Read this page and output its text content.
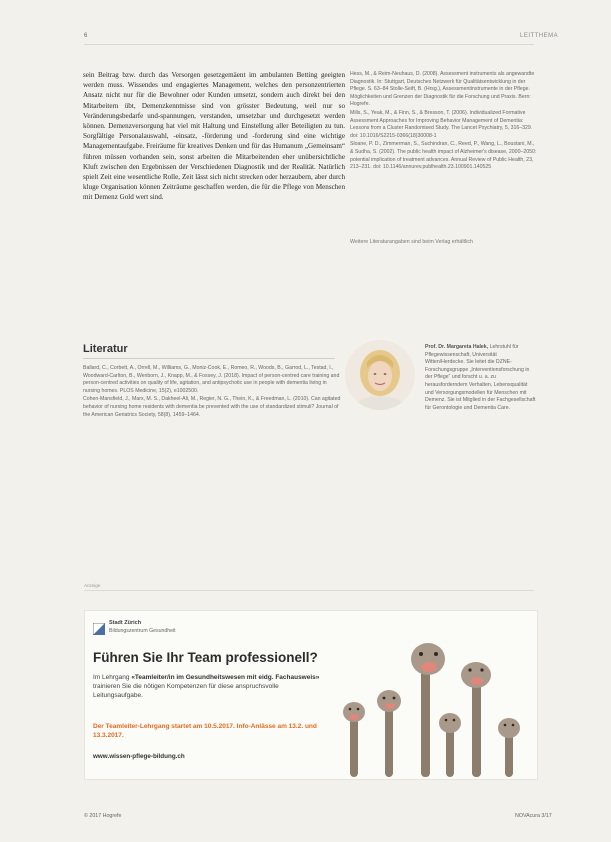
6	LEITTHEMA
sein Beitrag bzw. durch das Versorgen gesetzgemäent im ambulanten Betting geeigten werden muss. Wissendes und engagiertes Management, welches den personzentrierten Ansatz nicht nur für die Bewohner oder Kunden umsetzt, sondern auch direkt bei den Mitarbeitern übt, Demenzkenntnisse sind von grösster Bedeutung, weil nur so Veränderungsbedarfe und-spannungen, verstanden, umsetzbar und durchgesetzt werden können. Demenzversorgung hat viel mit Haltung und Einstellung aller Beteiligten zu tun. Sorgfältige Personalauswahl, -einsatz, -förderung und -forderung sind eine wichtige Managementaufgabe. Freiräume für kreatives Denken und für das Humanum „Gemeinsam“ führen müssen vorhanden sein, sonst arbeiten die Mitarbeitenden eher unübersichtliche Kluft zwischen den Ergebnissen der Verschiedenen Diagnostik und der Realität. Natürlich spielt Zeit eine wesentliche Rolle, Zeit lässt sich nicht strecken oder herzaubern, aber durch kluge Organisation können Zeiträume geschaffen werden, die für die Pflege von Menschen mit Demenz Gold wert sind.

Hess, M., & Reim-Neuhaus, D. (2008). Assessment instruments als angewandte Diagnostik. In: Stuttgart, Deutsches Netzwerk für Qualitätsentwicklung in der Pflege. S. 63–84 Stolle-Seift, B. (Hrsg.), Assessmentinstrumente in der Pflege. Möglichkeiten und Grenzen der Diagnostik für die Forschung und Praxis. Bern: Hogrefe.

Mills, S., Yeak, M., & Finn, S., & Bresson, T. (2006). Individualized Formative Assessment Approaches for Improving Behavior Management of Dementia: Lessons from a Cluster Randomised Study. The Lancet Psychiatry, 5, 316–329. doi: 10.1016/S2215-0366(18)30008-1

Sloane, P. D., Zimmerman, S., Suchindran, C., Reed, P., Wang, L., Boustani, M., & Sudha, S. (2002). The public health impact of Alzheimer's disease, 2000–2050: potential implication of treatment advances. Annual Review of Public Health, 23, 213–231. doi: 10.1146/annurev.publhealth.23.100901.140525

Weitere Literaturangaben sind beim Verlag erhältlich
Literatur

Ballard, C., Corbett, A., Orrell, M., Williams, G., Moniz-Cook, E., Romeo, R., Woods, B., Garrod, L., Testad, I., Woodward-Carlton, B., Wenborn, J., Knapp, M., & Fossey, J. (2018). Impact of person-centred care training and person-centred activities on quality of life, agitation, and antipsychotic use in people with dementia living in nursing homes. PLOS Medicine, 15(2), e1002500.

Cohen-Mansfield, J., Marx, M. S., Dakheel-Ali, M., Regier, N. G., Thein, K., & Freedman, L. (2010). Can agitated behavior of nursing home residents with dementia be prevented with the use of standardized stimuli? Journal of the American Geriatrics Society, 58(8), 1459–1464.

Prof. Dr. Margareta Halek, Lehrstuhl für Pflegewissenschaft, Universität Witten/Herdecke. Sie leitet die DZNE-Forschungsgruppe „Interventionsforschung in der Pflege“ und forscht u. a. zu herausforderndem Verhalten, Lebensqualität und Versorgungsmodellen für Menschen mit Demenz. Sie ist Mitglied in der Fachgesellschaft für Gerontologie und Dementia Care.
Anzeige
Stadt Zürich
Bildungszentrum Gesundheit
Führen Sie Ihr Team professionell?
Im Lehrgang «Teamleiter/in im Gesundheitswesen mit eidg. Fachausweis» trainieren Sie die nötigen Kompetenzen für diese anspruchsvolle Leitungsaufgabe.
Der Teamleiter-Lehrgang startet am 10.5.2017. Info-Anlässe am 13.2. und 13.3.2017.
www.wissen-pflege-bildung.ch
© 2017 Hogrefe	NOVAcura 3/17
